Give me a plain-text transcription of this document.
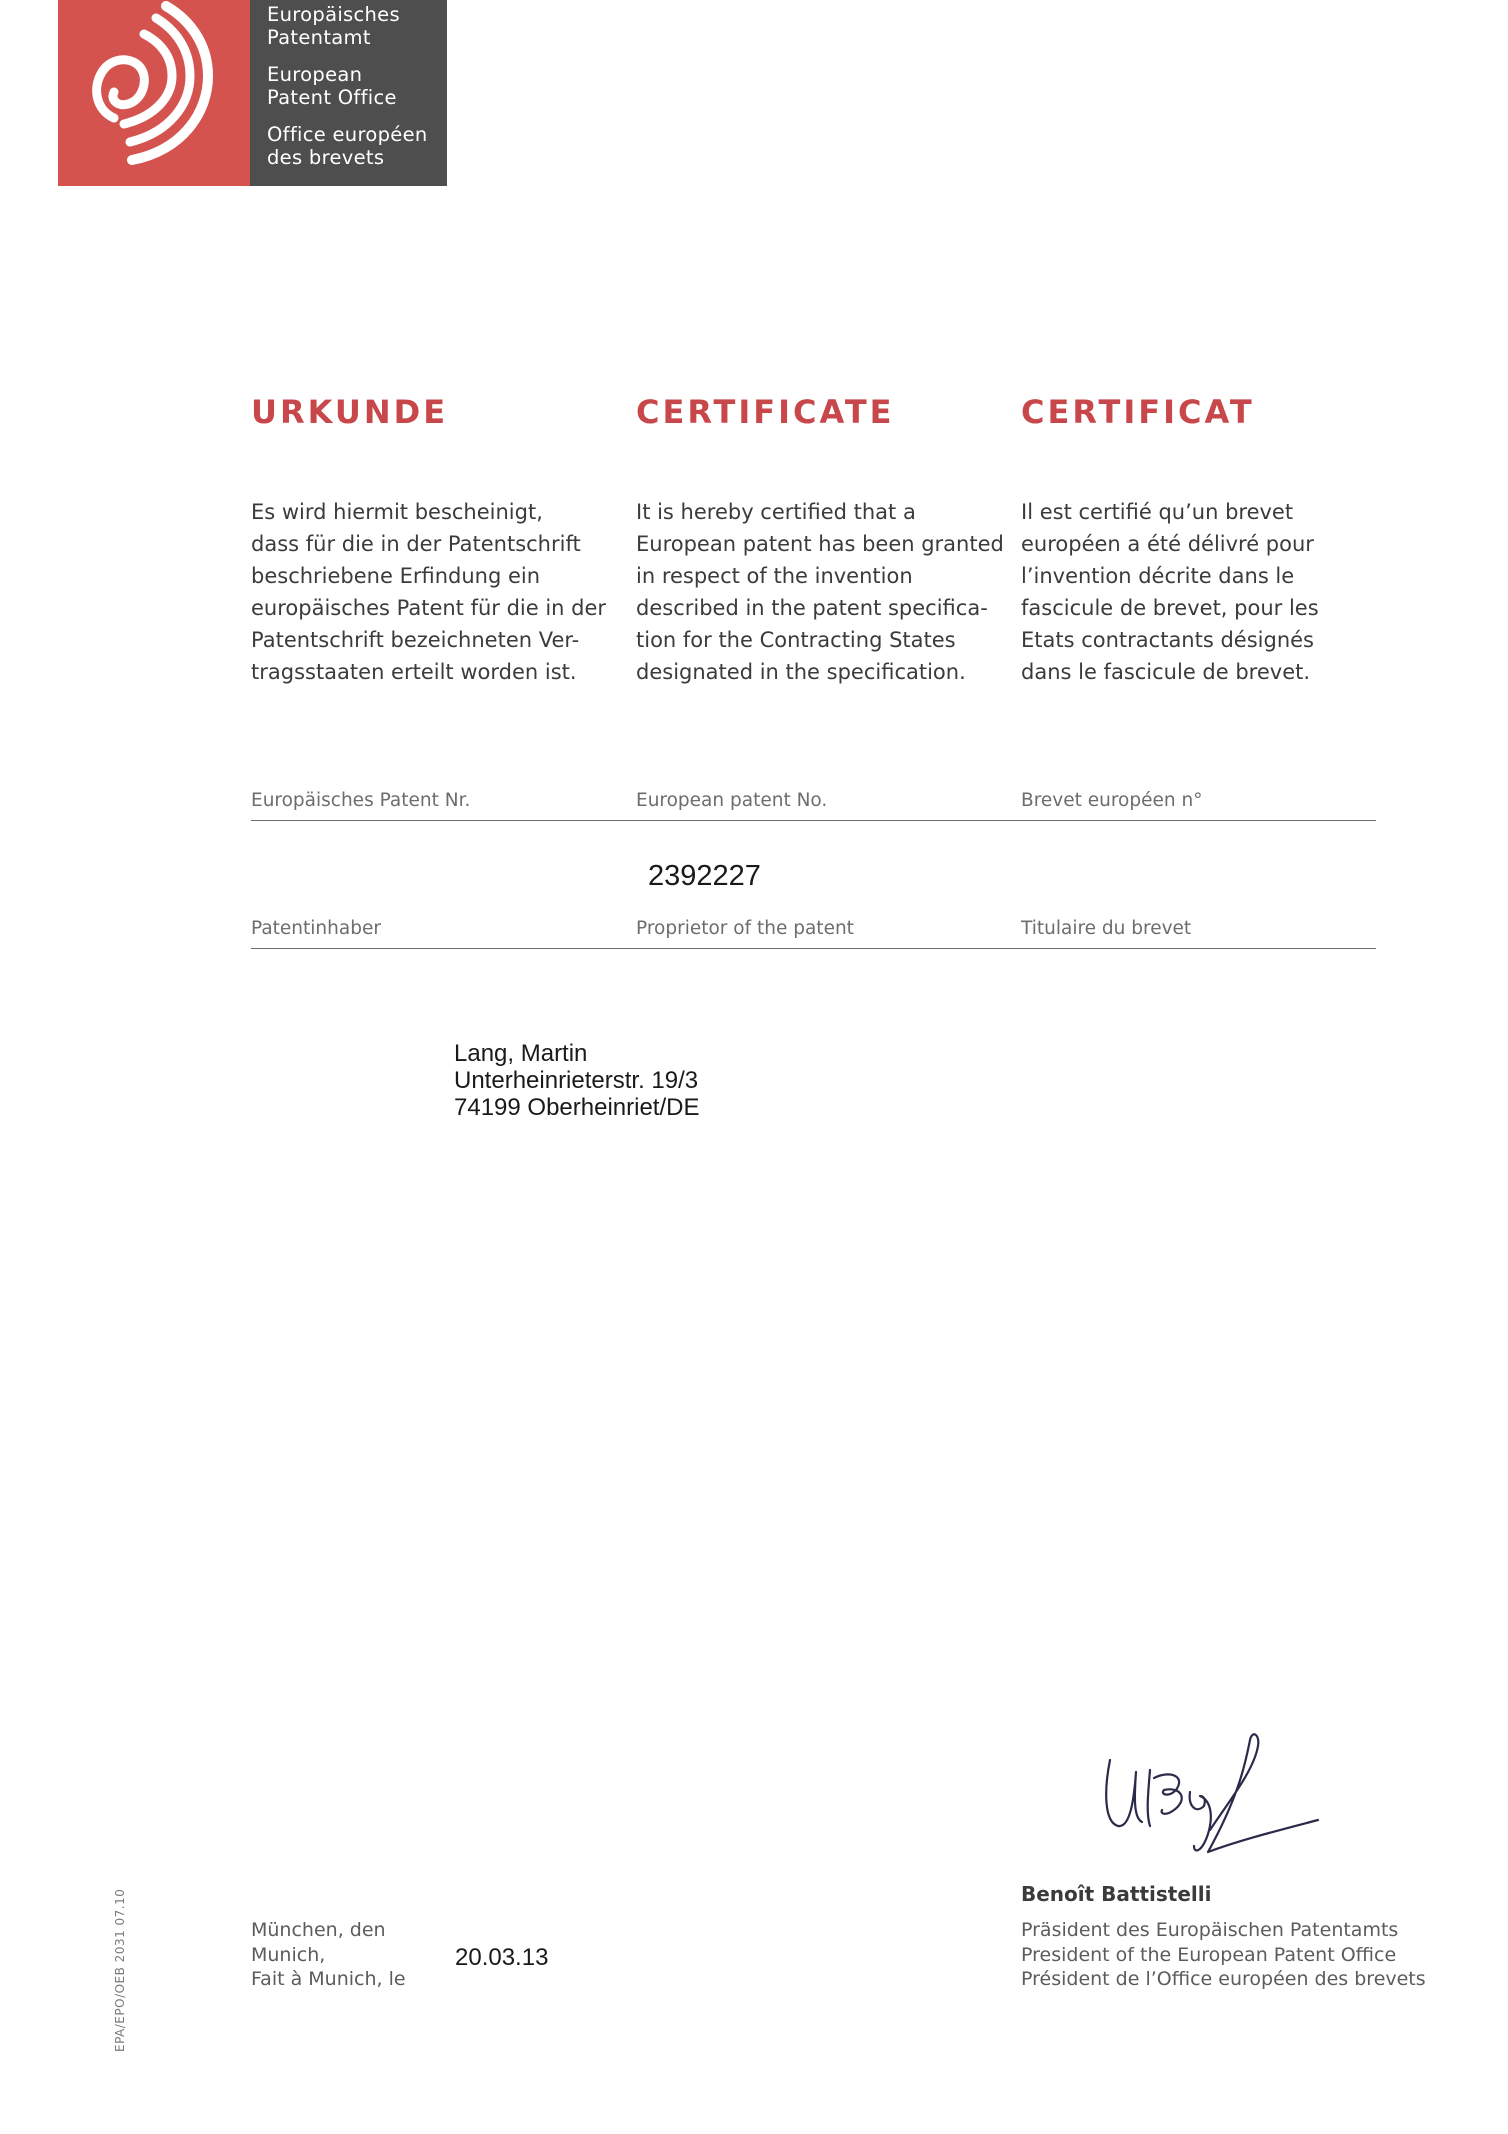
Europäisches
Patentamt
European
Patent Office
Office européen
des brevets
URKUNDE	CERTIFICATE	CERTIFICAT
Es wird hiermit bescheinigt,
dass für die in der Patentschrift
beschriebene Erfindung ein
europäisches Patent für die in der
Patentschrift bezeichneten Ver-
tragsstaaten erteilt worden ist.
It is hereby certified that a
European patent has been granted
in respect of the invention
described in the patent specifica-
tion for the Contracting States
designated in the specification.
Il est certifié qu’un brevet
européen a été délivré pour
l’invention décrite dans le
fascicule de brevet, pour les
Etats contractants désignés
dans le fascicule de brevet.
Europäisches Patent Nr.	European patent No.	Brevet européen n°
2392227
Patentinhaber	Proprietor of the patent	Titulaire du brevet
Lang, Martin
Unterheinrieterstr. 19/3
74199 Oberheinriet/DE
München, den
Munich,
Fait à Munich, le
20.03.13
Benoît Battistelli
Präsident des Europäischen Patentamts
President of the European Patent Office
Président de l’Office européen des brevets
EPA/EPO/OEB 2031 07.10
